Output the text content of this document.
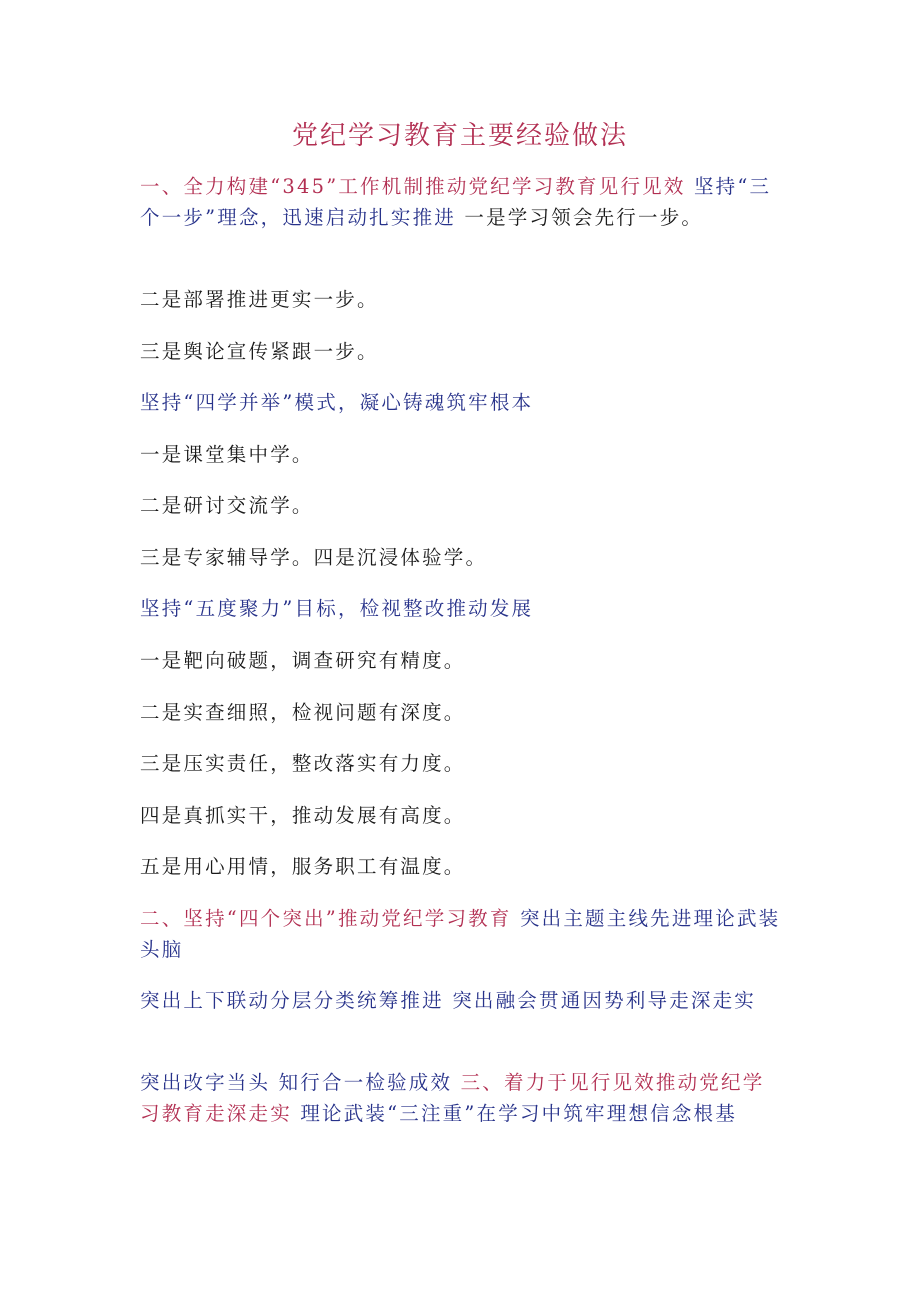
党纪学习教育主要经验做法
一、全力构建“345”工作机制推动党纪学习教育见行见效 坚持“三个一步”理念，迅速启动扎实推进 一是学习领会先行一步。
二是部署推进更实一步。
三是舆论宣传紧跟一步。
坚持“四学并举”模式，凝心铸魂筑牢根本
一是课堂集中学。
二是研讨交流学。
三是专家辅导学。四是沉浸体验学。
坚持“五度聚力”目标，检视整改推动发展
一是靶向破题，调查研究有精度。
二是实查细照，检视问题有深度。
三是压实责任，整改落实有力度。
四是真抓实干，推动发展有高度。
五是用心用情，服务职工有温度。
二、坚持“四个突出”推动党纪学习教育 突出主题主线先进理论武装头脑
突出上下联动分层分类统筹推进 突出融会贯通因势利导走深走实
突出改字当头 知行合一检验成效 三、着力于见行见效推动党纪学习教育走深走实 理论武装“三注重”在学习中筑牢理想信念根基
